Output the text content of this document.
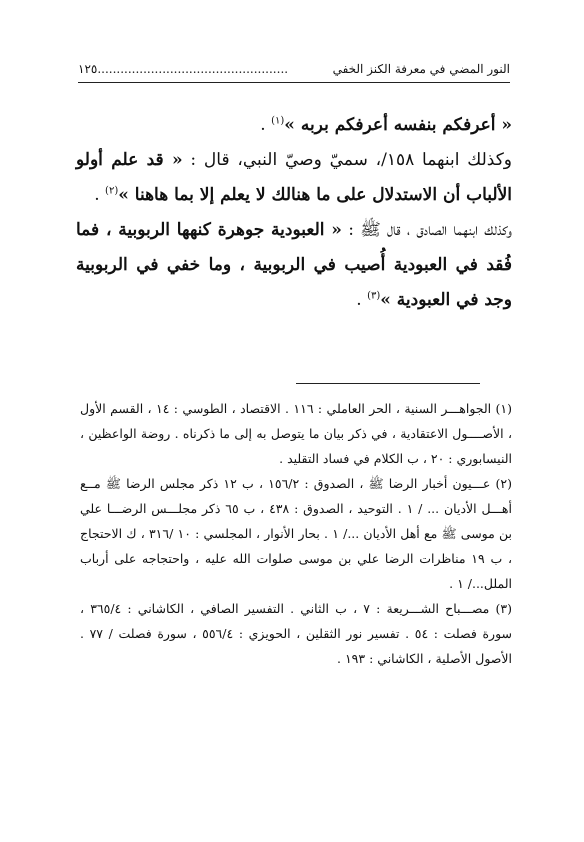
النور المضي في معرفة الكنز الخفي
..................................................١٢٥

« أعرفكم بنفسه أعرفكم بربه »$^{(١)}$ .

وكذلك ابنهما ١٥٨/، سميّ وصيّ النبي، قال : « قد علم أولو الألباب أن الاستدلال على ما هنالك لا يعلم إلا بما هاهنا »$^{(٢)}$ .

وكذلك ابنهما الصادق ، قال ﷺ : « العبودية جوهرة كنهها الربوبية ، فما فُقد في العبودية أُصيب في الربوبية ، وما خفي في الربوبية وجد في العبودية »$^{(٣)}$ .

(١) الجواهـــر السنية ، الحر العاملي : ١١٦ . الاقتصاد ، الطوسي : ١٤ ، القسم الأول ، الأصــــول الاعتقادية ، في ذكر بيان ما يتوصل به إلى ما ذكرناه . روضة الواعظين ، النيسابوري : ٢٠ ، ب الكلام في فساد التقليد .

(٢) عـــيون أخبار الرضا ﷺ ، الصدوق : ١٥٦/٢ ، ب ١٢ ذكر مجلس الرضا ﷺ مــع أهـــل الأديان ... / ١ . التوحيد ، الصدوق : ٤٣٨ ، ب ٦٥ ذكر مجلـــس الرضـــا علي بن موسى ﷺ مع أهل الأديان .../ ١ . بحار الأنوار ، المجلسي : ١٠ /٣١٦ ، ك الاحتجاج ، ب ١٩ مناظرات الرضا علي بن موسى صلوات الله عليه ، واحتجاجه على أرباب الملل.../ ١ .

(٣) مصـــباح الشـــريعة : ٧ ، ب الثاني . التفسير الصافي ، الكاشاني : ٣٦٥/٤ ، سورة فصلت : ٥٤ . تفسير نور الثقلين ، الحويزي : ٥٥٦/٤ ، سورة فصلت / ٧٧ . الأصول الأصلية ، الكاشاني : ١٩٣ .
